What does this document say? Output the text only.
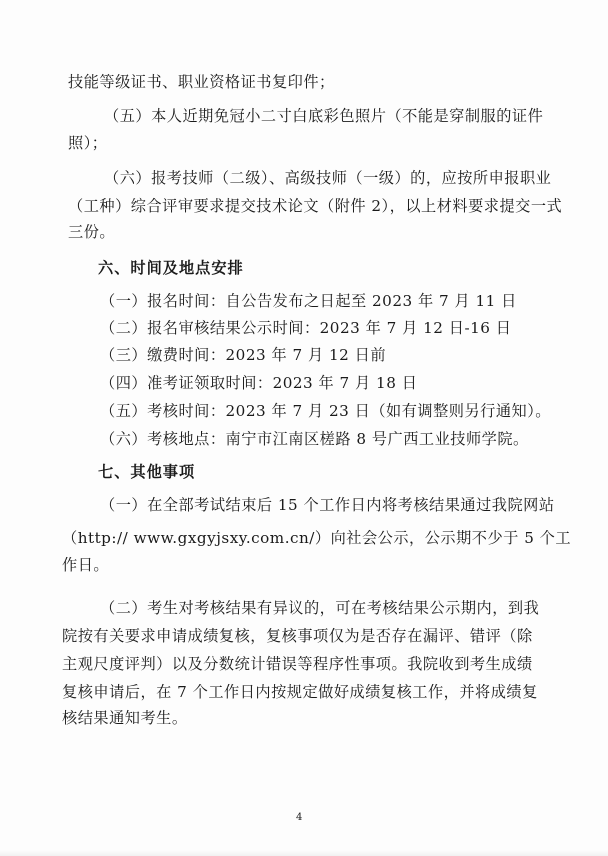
技能等级证书、职业资格证书复印件；
（五）本人近期免冠小二寸白底彩色照片（不能是穿制服的证件
照）；
（六）报考技师（二级）、高级技师（一级）的，应按所申报职业
（工种）综合评审要求提交技术论文（附件 2），以上材料要求提交一式
三份。
六、时间及地点安排
（一）报名时间：自公告发布之日起至 2023 年 7 月 11 日
（二）报名审核结果公示时间：2023 年 7 月 12 日-16 日
（三）缴费时间：2023 年 7 月 12 日前
（四）准考证领取时间：2023 年 7 月 18 日
（五）考核时间：2023 年 7 月 23 日（如有调整则另行通知）。
（六）考核地点：南宁市江南区槎路 8 号广西工业技师学院。
七、其他事项
（一）在全部考试结束后 15 个工作日内将考核结果通过我院网站
（http:// www.gxgyjsxy.com.cn/）向社会公示，公示期不少于 5 个工
作日。
（二）考生对考核结果有异议的，可在考核结果公示期内，到我
院按有关要求申请成绩复核，复核事项仅为是否存在漏评、错评（除
主观尺度评判）以及分数统计错误等程序性事项。我院收到考生成绩
复核申请后，在 7 个工作日内按规定做好成绩复核工作，并将成绩复
核结果通知考生。
4
